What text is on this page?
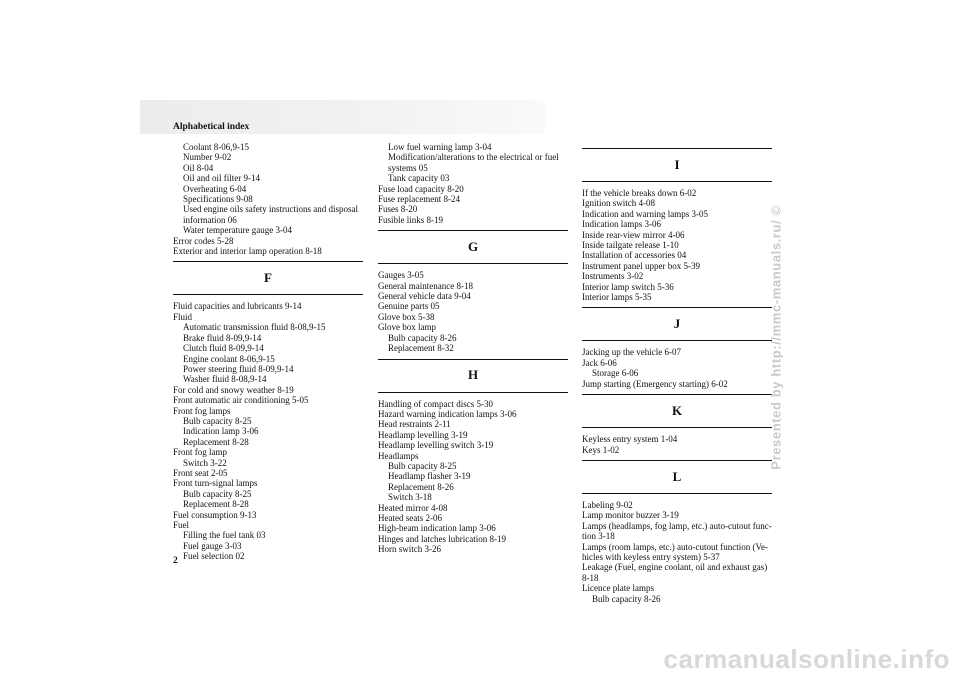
Alphabetical index
Coolant 8-06,9-15
Number 9-02
Oil 8-04
Oil and oil filter 9-14
Overheating 6-04
Specifications 9-08
Used engine oils safety instructions and disposal information 06
Water temperature gauge 3-04
Error codes 5-28
Exterior and interior lamp operation 8-18
F
Fluid capacities and lubricants 9-14
Fluid
Automatic transmission fluid 8-08,9-15
Brake fluid 8-09,9-14
Clutch fluid 8-09,9-14
Engine coolant 8-06,9-15
Power steering fluid 8-09,9-14
Washer fluid 8-08,9-14
For cold and snowy weather 8-19
Front automatic air conditioning 5-05
Front fog lamps
Bulb capacity 8-25
Indication lamp 3-06
Replacement 8-28
Front fog lamp
Switch 3-22
Front seat 2-05
Front turn-signal lamps
Bulb capacity 8-25
Replacement 8-28
Fuel consumption 9-13
Fuel
Filling the fuel tank 03
Fuel gauge 3-03
Fuel selection 02
Low fuel warning lamp 3-04
Modification/alterations to the electrical or fuel systems 05
Tank capacity 03
Fuse load capacity 8-20
Fuse replacement 8-24
Fuses 8-20
Fusible links 8-19
G
Gauges 3-05
General maintenance 8-18
General vehicle data 9-04
Genuine parts 05
Glove box 5-38
Glove box lamp
Bulb capacity 8-26
Replacement 8-32
H
Handling of compact discs 5-30
Hazard warning indication lamps 3-06
Head restraints 2-11
Headlamp levelling 3-19
Headlamp levelling switch 3-19
Headlamps
Bulb capacity 8-25
Headlamp flasher 3-19
Replacement 8-26
Switch 3-18
Heated mirror 4-08
Heated seats 2-06
High-beam indication lamp 3-06
Hinges and latches lubrication 8-19
Horn switch 3-26
I
If the vehicle breaks down 6-02
Ignition switch 4-08
Indication and warning lamps 3-05
Indication lamps 3-06
Inside rear-view mirror 4-06
Inside tailgate release 1-10
Installation of accessories 04
Instrument panel upper box 5-39
Instruments 3-02
Interior lamp switch 5-36
Interior lamps 5-35
J
Jacking up the vehicle 6-07
Jack 6-06
Storage 6-06
Jump starting (Emergency starting) 6-02
K
Keyless entry system 1-04
Keys 1-02
L
Labeling 9-02
Lamp monitor buzzer 3-19
Lamps (headlamps, fog lamp, etc.) auto-cutout func-tion 3-18
Lamps (room lamps, etc.) auto-cutout function (Ve-hicles with keyless entry system) 5-37
Leakage (Fuel, engine coolant, oil and exhaust gas) 8-18
Licence plate lamps
Bulb capacity 8-26
2
Presented by http://mmc-manuals.ru/ ©
carmanualsonline.info
